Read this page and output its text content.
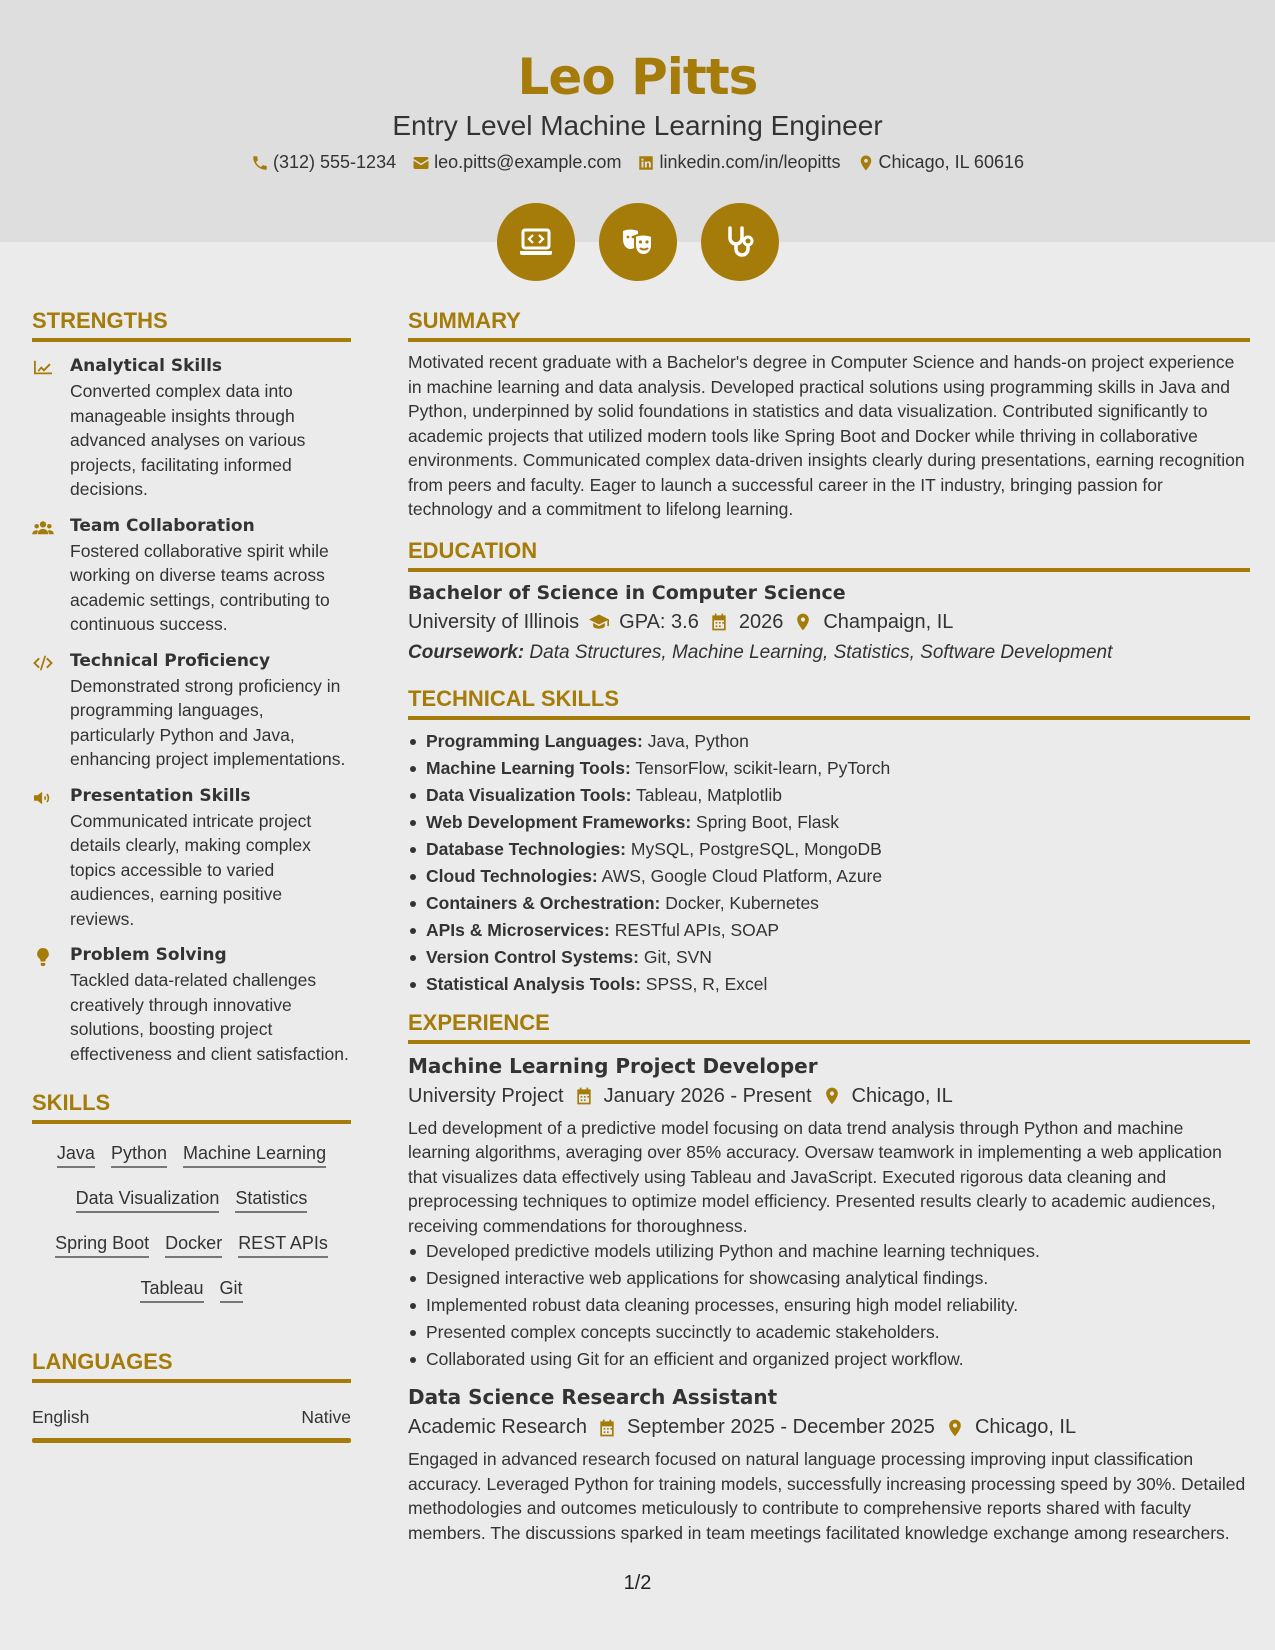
Leo Pitts
Entry Level Machine Learning Engineer
(312) 555-1234 leo.pitts@example.com linkedin.com/in/leopitts Chicago, IL 60616
STRENGTHS
Analytical Skills
Converted complex data into manageable insights through advanced analyses on various projects, facilitating informed decisions.
Team Collaboration
Fostered collaborative spirit while working on diverse teams across academic settings, contributing to continuous success.
Technical Proficiency
Demonstrated strong proficiency in programming languages, particularly Python and Java, enhancing project implementations.
Presentation Skills
Communicated intricate project details clearly, making complex topics accessible to varied audiences, earning positive reviews.
Problem Solving
Tackled data-related challenges creatively through innovative solutions, boosting project effectiveness and client satisfaction.
SKILLS
Java Python Machine Learning
Data Visualization Statistics
Spring Boot Docker REST APIs
Tableau Git
LANGUAGES
English	Native
SUMMARY
Motivated recent graduate with a Bachelor's degree in Computer Science and hands-on project experience in machine learning and data analysis. Developed practical solutions using programming skills in Java and Python, underpinned by solid foundations in statistics and data visualization. Contributed significantly to academic projects that utilized modern tools like Spring Boot and Docker while thriving in collaborative environments. Communicated complex data-driven insights clearly during presentations, earning recognition from peers and faculty. Eager to launch a successful career in the IT industry, bringing passion for technology and a commitment to lifelong learning.
EDUCATION
Bachelor of Science in Computer Science
University of Illinois GPA: 3.6 2026 Champaign, IL
Coursework: Data Structures, Machine Learning, Statistics, Software Development
TECHNICAL SKILLS
Programming Languages: Java, Python
Machine Learning Tools: TensorFlow, scikit-learn, PyTorch
Data Visualization Tools: Tableau, Matplotlib
Web Development Frameworks: Spring Boot, Flask
Database Technologies: MySQL, PostgreSQL, MongoDB
Cloud Technologies: AWS, Google Cloud Platform, Azure
Containers & Orchestration: Docker, Kubernetes
APIs & Microservices: RESTful APIs, SOAP
Version Control Systems: Git, SVN
Statistical Analysis Tools: SPSS, R, Excel
EXPERIENCE
Machine Learning Project Developer
University Project January 2026 - Present Chicago, IL
Led development of a predictive model focusing on data trend analysis through Python and machine learning algorithms, averaging over 85% accuracy. Oversaw teamwork in implementing a web application that visualizes data effectively using Tableau and JavaScript. Executed rigorous data cleaning and preprocessing techniques to optimize model efficiency. Presented results clearly to academic audiences, receiving commendations for thoroughness.
Developed predictive models utilizing Python and machine learning techniques.
Designed interactive web applications for showcasing analytical findings.
Implemented robust data cleaning processes, ensuring high model reliability.
Presented complex concepts succinctly to academic stakeholders.
Collaborated using Git for an efficient and organized project workflow.
Data Science Research Assistant
Academic Research September 2025 - December 2025 Chicago, IL
Engaged in advanced research focused on natural language processing improving input classification accuracy. Leveraged Python for training models, successfully increasing processing speed by 30%. Detailed methodologies and outcomes meticulously to contribute to comprehensive reports shared with faculty members. The discussions sparked in team meetings facilitated knowledge exchange among researchers.
1/2
